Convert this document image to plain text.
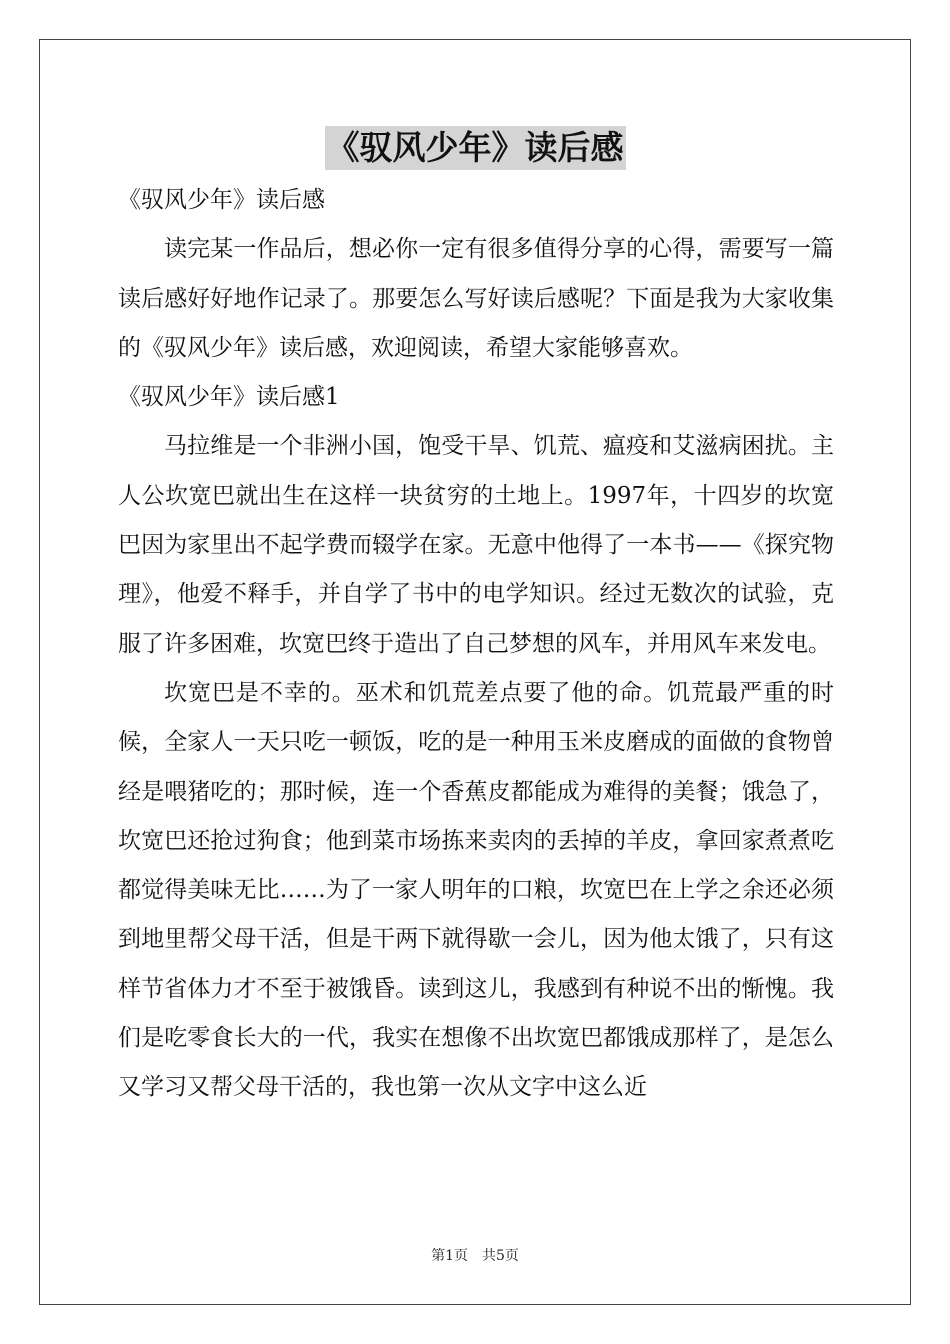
《驭风少年》读后感

《驭风少年》读后感

读完某一作品后，想必你一定有很多值得分享的心得，需要写一篇读后感好好地作记录了。那要怎么写好读后感呢？下面是我为大家收集的《驭风少年》读后感，欢迎阅读，希望大家能够喜欢。

《驭风少年》读后感1

马拉维是一个非洲小国，饱受干旱、饥荒、瘟疫和艾滋病困扰。主人公坎宽巴就出生在这样一块贫穷的土地上。1997年，十四岁的坎宽巴因为家里出不起学费而辍学在家。无意中他得了一本书——《探究物理》，他爱不释手，并自学了书中的电学知识。经过无数次的试验，克服了许多困难，坎宽巴终于造出了自己梦想的风车，并用风车来发电。

坎宽巴是不幸的。巫术和饥荒差点要了他的命。饥荒最严重的时候，全家人一天只吃一顿饭，吃的是一种用玉米皮磨成的面做的食物曾经是喂猪吃的；那时候，连一个香蕉皮都能成为难得的美餐；饿急了，坎宽巴还抢过狗食；他到菜市场拣来卖肉的丢掉的羊皮，拿回家煮煮吃都觉得美味无比……为了一家人明年的口粮，坎宽巴在上学之余还必须到地里帮父母干活，但是干两下就得歇一会儿，因为他太饿了，只有这样节省体力才不至于被饿昏。读到这儿，我感到有种说不出的惭愧。我们是吃零食长大的一代，我实在想像不出坎宽巴都饿成那样了，是怎么又学习又帮父母干活的，我也第一次从文字中这么近

第1页 共5页
